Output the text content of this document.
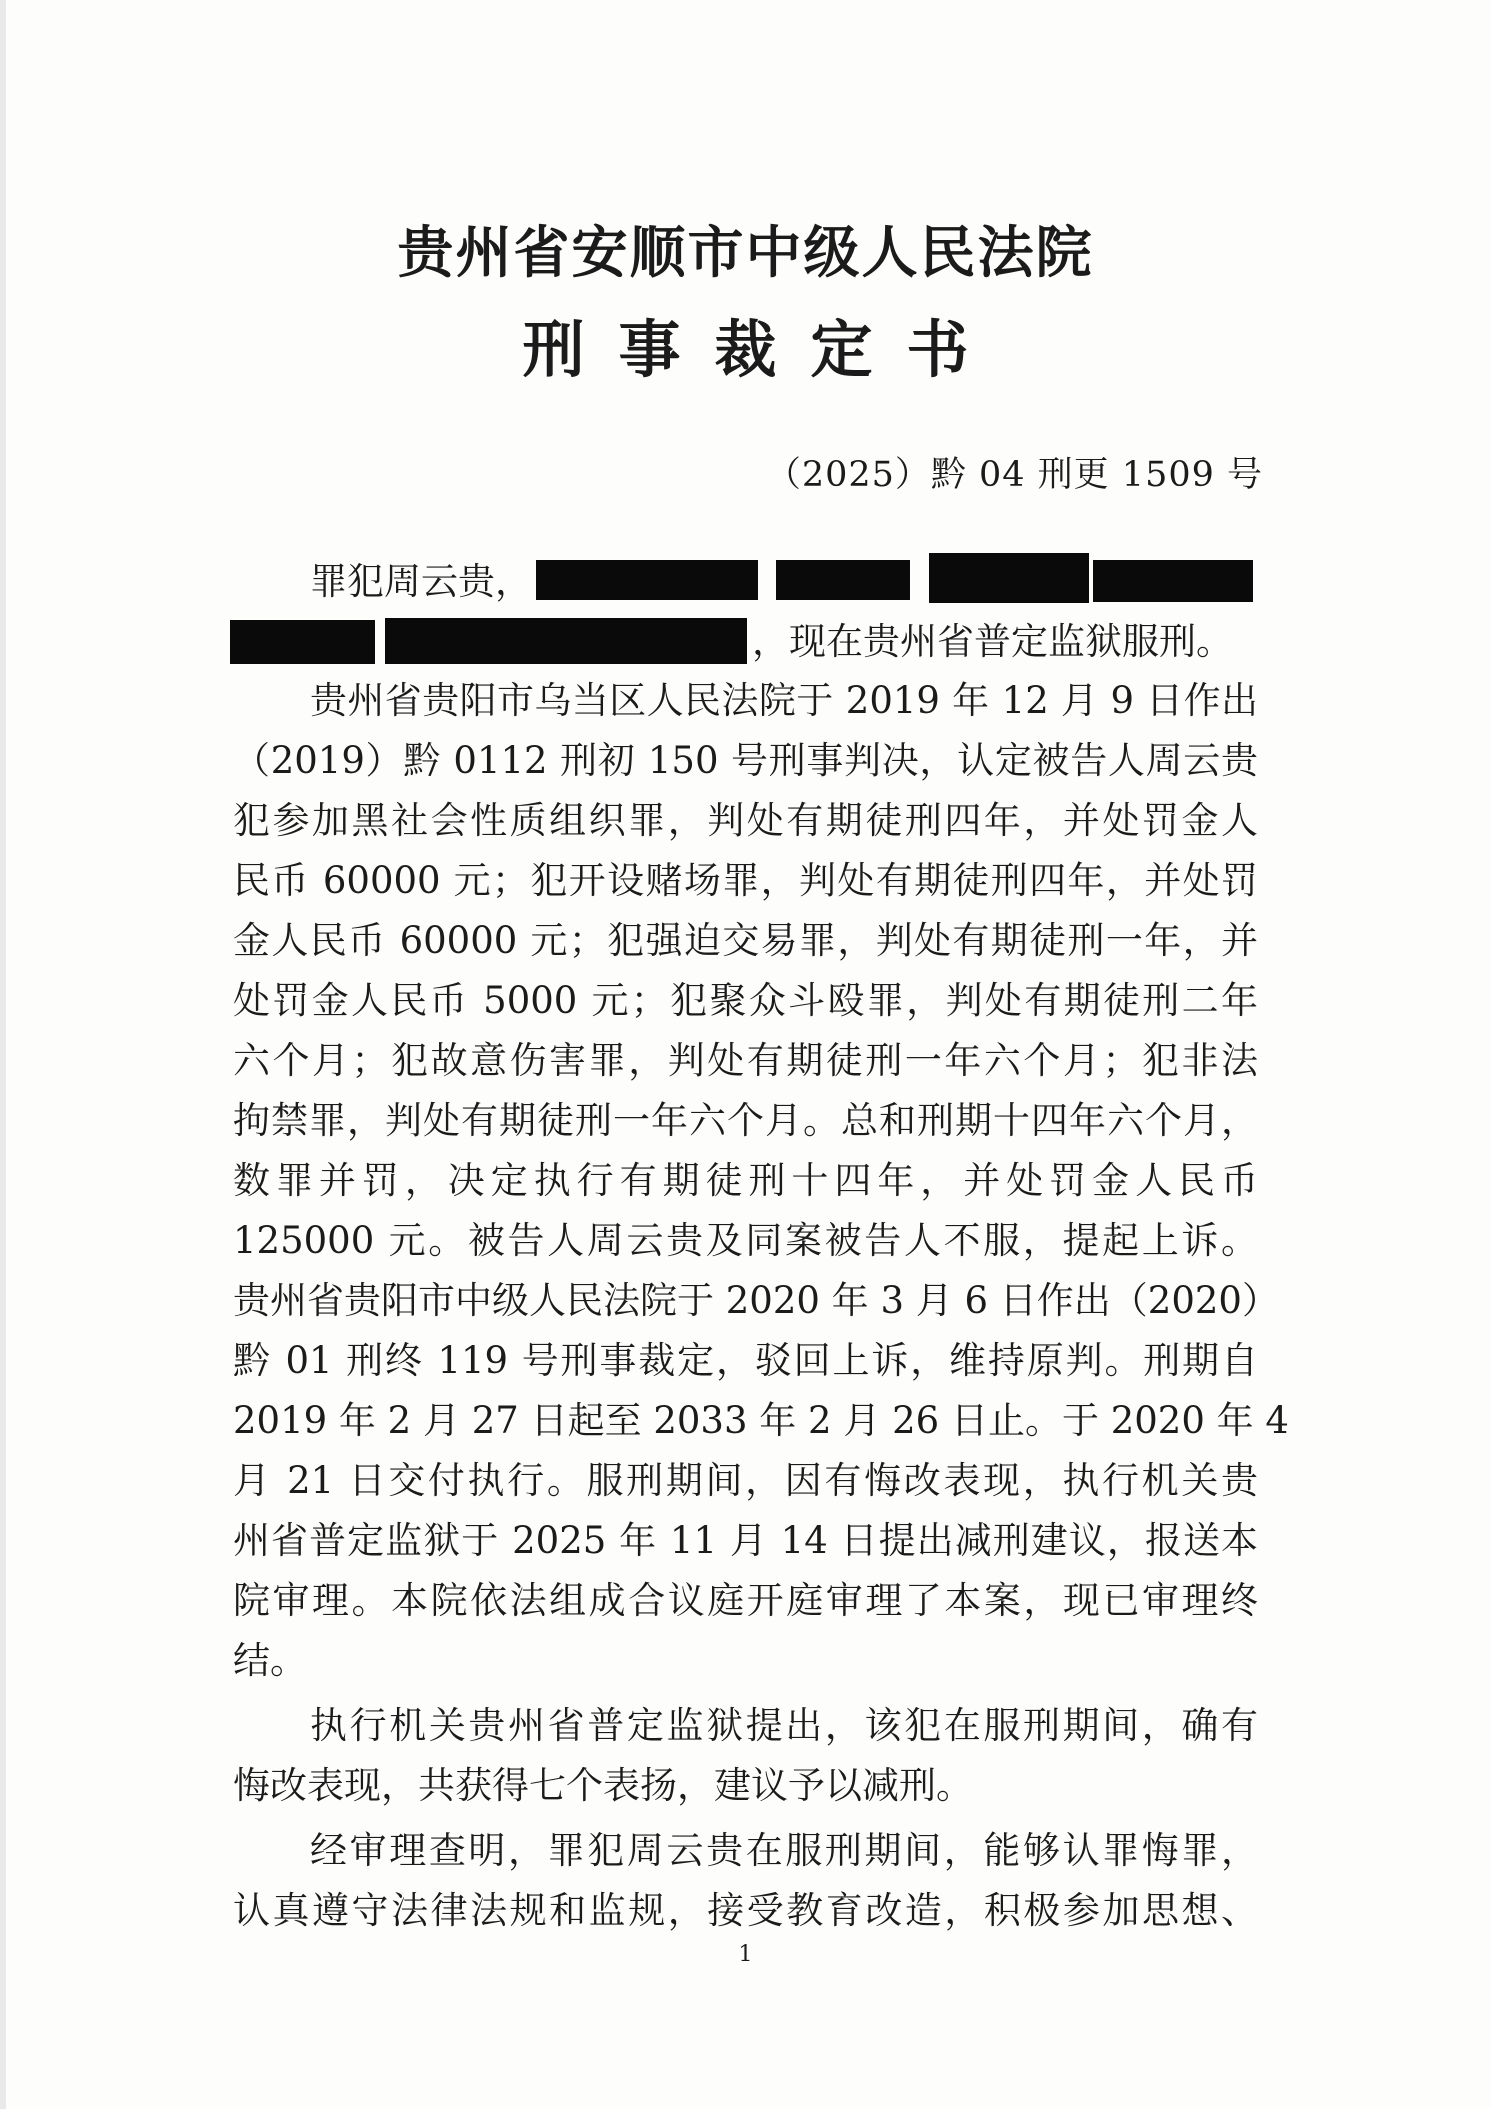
贵州省安顺市中级人民法院
刑事裁定书
（2025）黔 04 刑更 1509 号
罪犯周云贵，
，现在贵州省普定监狱服刑。
贵州省贵阳市乌当区人民法院于 2019 年 12 月 9 日作出
（2019）黔 0112 刑初 150 号刑事判决，认定被告人周云贵
犯参加黑社会性质组织罪，判处有期徒刑四年，并处罚金人
民币 60000 元；犯开设赌场罪，判处有期徒刑四年，并处罚
金人民币 60000 元；犯强迫交易罪，判处有期徒刑一年，并
处罚金人民币 5000 元；犯聚众斗殴罪，判处有期徒刑二年
六个月；犯故意伤害罪，判处有期徒刑一年六个月；犯非法
拘禁罪，判处有期徒刑一年六个月。总和刑期十四年六个月，
数罪并罚，决定执行有期徒刑十四年，并处罚金人民币
125000 元。被告人周云贵及同案被告人不服，提起上诉。
贵州省贵阳市中级人民法院于 2020 年 3 月 6 日作出（2020）
黔 01 刑终 119 号刑事裁定，驳回上诉，维持原判。刑期自
2019 年 2 月 27 日起至 2033 年 2 月 26 日止。于 2020 年 4
月 21 日交付执行。服刑期间，因有悔改表现，执行机关贵
州省普定监狱于 2025 年 11 月 14 日提出减刑建议，报送本
院审理。本院依法组成合议庭开庭审理了本案，现已审理终
结。
执行机关贵州省普定监狱提出，该犯在服刑期间，确有
悔改表现，共获得七个表扬，建议予以减刑。
经审理查明，罪犯周云贵在服刑期间，能够认罪悔罪，
认真遵守法律法规和监规，接受教育改造，积极参加思想、
1
